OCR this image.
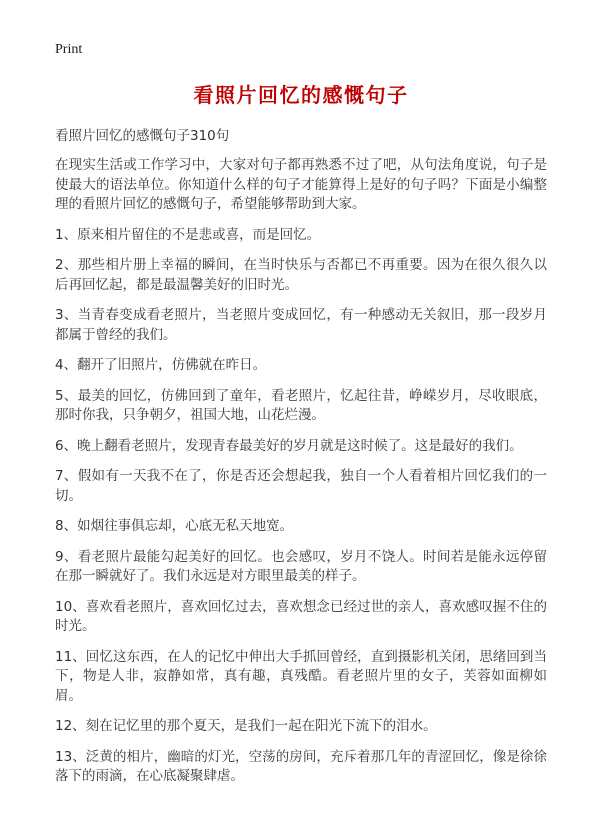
Print
看照片回忆的感慨句子

看照片回忆的感慨句子310句

在现实生活或工作学习中，大家对句子都再熟悉不过了吧，从句法角度说，句子是使最大的语法单位。你知道什么样的句子才能算得上是好的句子吗？下面是小编整理的看照片回忆的感慨句子，希望能够帮助到大家。

1、原来相片留住的不是悲或喜，而是回忆。

2、那些相片册上幸福的瞬间，在当时快乐与否都已不再重要。因为在很久很久以后再回忆起，都是最温馨美好的旧时光。

3、当青春变成看老照片，当老照片变成回忆，有一种感动无关叙旧，那一段岁月都属于曾经的我们。

4、翻开了旧照片，仿佛就在昨日。

5、最美的回忆，仿佛回到了童年，看老照片，忆起往昔，峥嵘岁月，尽收眼底，那时你我，只争朝夕，祖国大地，山花烂漫。

6、晚上翻看老照片，发现青春最美好的岁月就是这时候了。这是最好的我们。

7、假如有一天我不在了，你是否还会想起我，独自一个人看着相片回忆我们的一切。

8、如烟往事俱忘却，心底无私天地宽。

9、看老照片最能勾起美好的回忆。也会感叹，岁月不饶人。时间若是能永远停留在那一瞬就好了。我们永远是对方眼里最美的样子。

10、喜欢看老照片，喜欢回忆过去，喜欢想念已经过世的亲人，喜欢感叹握不住的时光。

11、回忆这东西，在人的记忆中伸出大手抓回曾经，直到摄影机关闭，思绪回到当下，物是人非，寂静如常，真有趣，真残酷。看老照片里的女子，芙蓉如面柳如眉。

12、刻在记忆里的那个夏天，是我们一起在阳光下流下的泪水。

13、泛黄的相片，幽暗的灯光，空荡的房间，充斥着那几年的青涩回忆，像是徐徐落下的雨滴，在心底凝聚肆虐。
